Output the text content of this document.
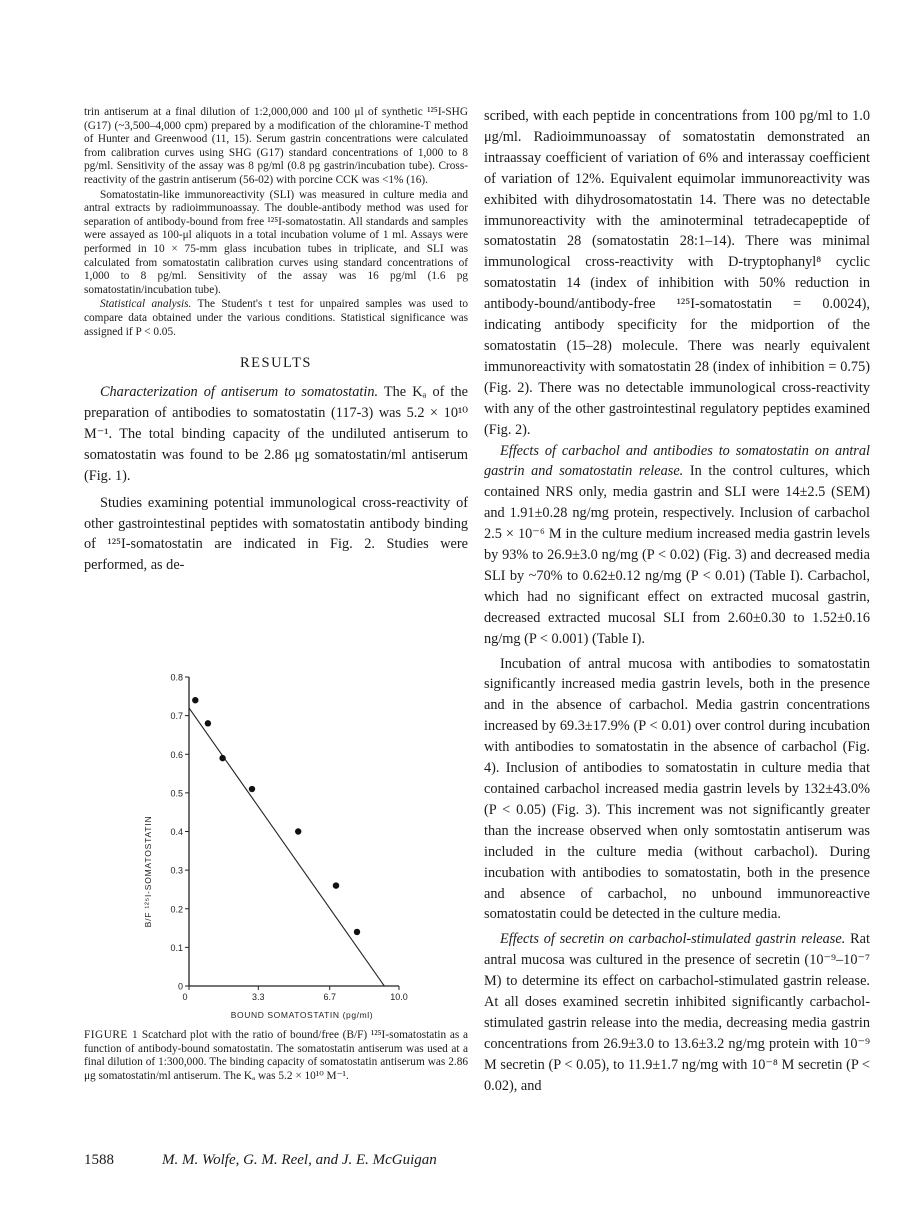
trin antiserum at a final dilution of 1:2,000,000 and 100 μl of synthetic ¹²⁵I-SHG (G17) (~3,500–4,000 cpm) prepared by a modification of the chloramine-T method of Hunter and Greenwood (11, 15). Serum gastrin concentrations were calculated from calibration curves using SHG (G17) standard concentrations of 1,000 to 8 pg/ml. Sensitivity of the assay was 8 pg/ml (0.8 pg gastrin/incubation tube). Cross-reactivity of the gastrin antiserum (56-02) with porcine CCK was <1% (16).

Somatostatin-like immunoreactivity (SLI) was measured in culture media and antral extracts by radioimmunoassay. The double-antibody method was used for separation of antibody-bound from free ¹²⁵I-somatostatin. All standards and samples were assayed as 100-μl aliquots in a total incubation volume of 1 ml. Assays were performed in 10 × 75-mm glass incubation tubes in triplicate, and SLI was calculated from somatostatin calibration curves using standard concentrations of 1,000 to 8 pg/ml. Sensitivity of the assay was 16 pg/ml (1.6 pg somatostatin/incubation tube).

Statistical analysis. The Student's t test for unpaired samples was used to compare data obtained under the various conditions. Statistical significance was assigned if P < 0.05.

RESULTS

Characterization of antiserum to somatostatin. The Kₐ of the preparation of antibodies to somatostatin (117-3) was 5.2 × 10¹⁰ M⁻¹. The total binding capacity of the undiluted antiserum to somatostatin was found to be 2.86 μg somatostatin/ml antiserum (Fig. 1).

Studies examining potential immunological cross-reactivity of other gastrointestinal peptides with somatostatin antibody binding of ¹²⁵I-somatostatin are indicated in Fig. 2. Studies were performed, as de-

0
0.1
0.2
0.3
0.4
0.5
0.6
0.7
0.8
0	3.3	6.7	10.0
BOUND SOMATOSTATIN (pg/ml)
B/F ¹²⁵I-SOMATOSTATIN

FIGURE 1 Scatchard plot with the ratio of bound/free (B/F) ¹²⁵I-somatostatin as a function of antibody-bound somatostatin. The somatostatin antiserum was used at a final dilution of 1:300,000. The binding capacity of somatostatin antiserum was 2.86 μg somatostatin/ml antiserum. The Kₐ was 5.2 × 10¹⁰ M⁻¹.

scribed, with each peptide in concentrations from 100 pg/ml to 1.0 μg/ml. Radioimmunoassay of somatostatin demonstrated an intraassay coefficient of variation of 6% and interassay coefficient of variation of 12%. Equivalent equimolar immunoreactivity was exhibited with dihydrosomatostatin 14. There was no detectable immunoreactivity with the aminoterminal tetradecapeptide of somatostatin 28 (somatostatin 28:1–14). There was minimal immunological cross-reactivity with D-tryptophanyl⁸ cyclic somatostatin 14 (index of inhibition with 50% reduction in antibody-bound/antibody-free ¹²⁵I-somatostatin = 0.0024), indicating antibody specificity for the midportion of the somatostatin (15–28) molecule. There was nearly equivalent immunoreactivity with somatostatin 28 (index of inhibition = 0.75) (Fig. 2). There was no detectable immunological cross-reactivity with any of the other gastrointestinal regulatory peptides examined (Fig. 2).

Effects of carbachol and antibodies to somatostatin on antral gastrin and somatostatin release. In the control cultures, which contained NRS only, media gastrin and SLI were 14±2.5 (SEM) and 1.91±0.28 ng/mg protein, respectively. Inclusion of carbachol 2.5 × 10⁻⁶ M in the culture medium increased media gastrin levels by 93% to 26.9±3.0 ng/mg (P < 0.02) (Fig. 3) and decreased media SLI by ~70% to 0.62±0.12 ng/mg (P < 0.01) (Table I). Carbachol, which had no significant effect on extracted mucosal gastrin, decreased extracted mucosal SLI from 2.60±0.30 to 1.52±0.16 ng/mg (P < 0.001) (Table I).

Incubation of antral mucosa with antibodies to somatostatin significantly increased media gastrin levels, both in the presence and in the absence of carbachol. Media gastrin concentrations increased by 69.3±17.9% (P < 0.01) over control during incubation with antibodies to somatostatin in the absence of carbachol (Fig. 4). Inclusion of antibodies to somatostatin in culture media that contained carbachol increased media gastrin levels by 132±43.0% (P < 0.05) (Fig. 3). This increment was not significantly greater than the increase observed when only somtostatin antiserum was included in the culture media (without carbachol). During incubation with antibodies to somatostatin, both in the presence and absence of carbachol, no unbound immunoreactive somatostatin could be detected in the culture media.

Effects of secretin on carbachol-stimulated gastrin release. Rat antral mucosa was cultured in the presence of secretin (10⁻⁹–10⁻⁷ M) to determine its effect on carbachol-stimulated gastrin release. At all doses examined secretin inhibited significantly carbachol-stimulated gastrin release into the media, decreasing media gastrin concentrations from 26.9±3.0 to 13.6±3.2 ng/mg protein with 10⁻⁹ M secretin (P < 0.05), to 11.9±1.7 ng/mg with 10⁻⁸ M secretin (P < 0.02), and

1588	M. M. Wolfe, G. M. Reel, and J. E. McGuigan
